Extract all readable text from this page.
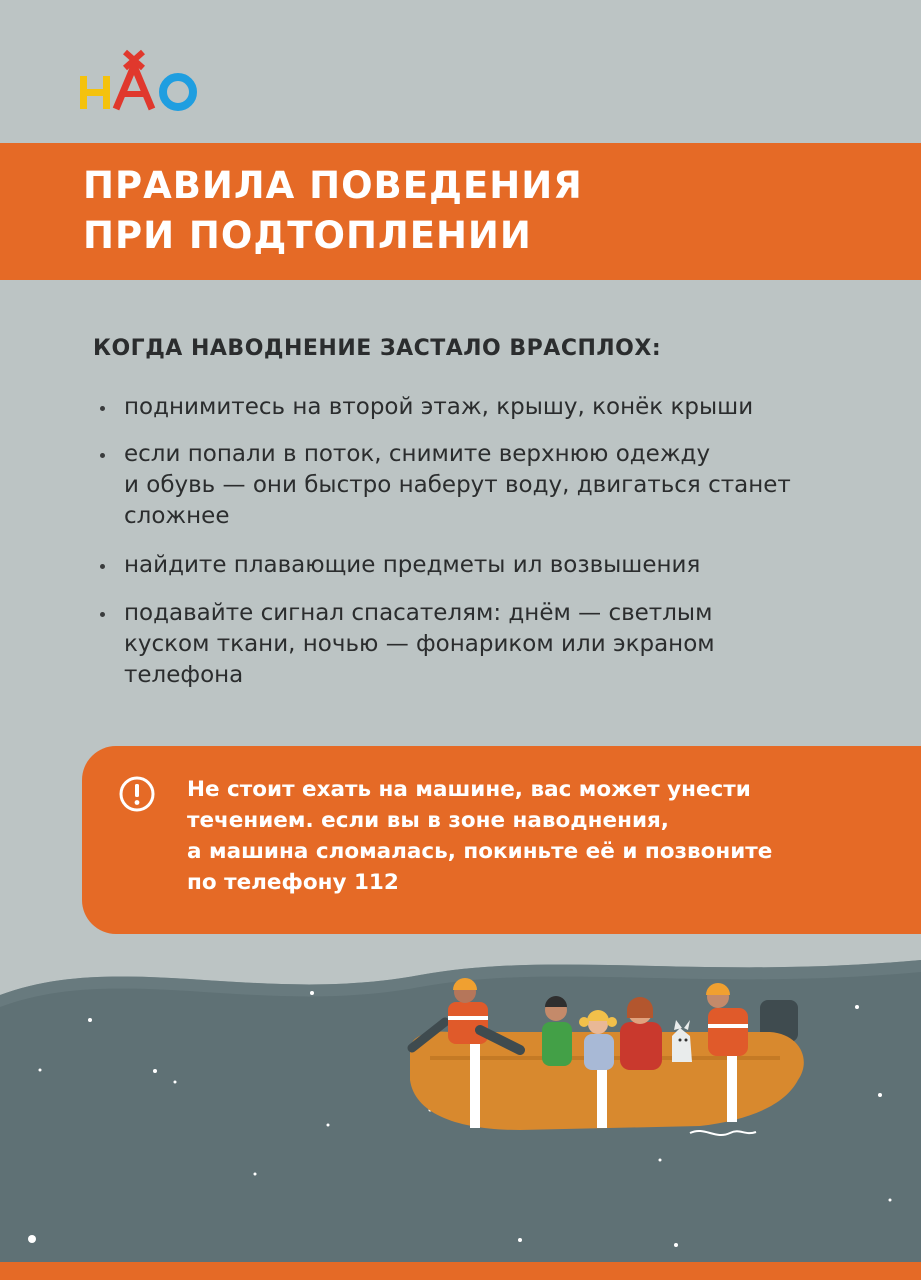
ПРАВИЛА ПОВЕДЕНИЯ
ПРИ ПОДТОПЛЕНИИ
КОГДА НАВОДНЕНИЕ ЗАСТАЛО ВРАСПЛОХ:
поднимитесь на второй этаж, крышу, конёк крыши
если попали в поток, снимите верхнюю одежду
и обувь — они быстро наберут воду, двигаться станет
сложнее
найдите плавающие предметы ил возвышения
подавайте сигнал спасателям: днём — светлым
куском ткани, ночью — фонариком или экраном
телефона
Не стоит ехать на машине, вас может унести
течением. если вы в зоне наводнения,
а машина сломалась, покиньте её и позвоните
по телефону 112
